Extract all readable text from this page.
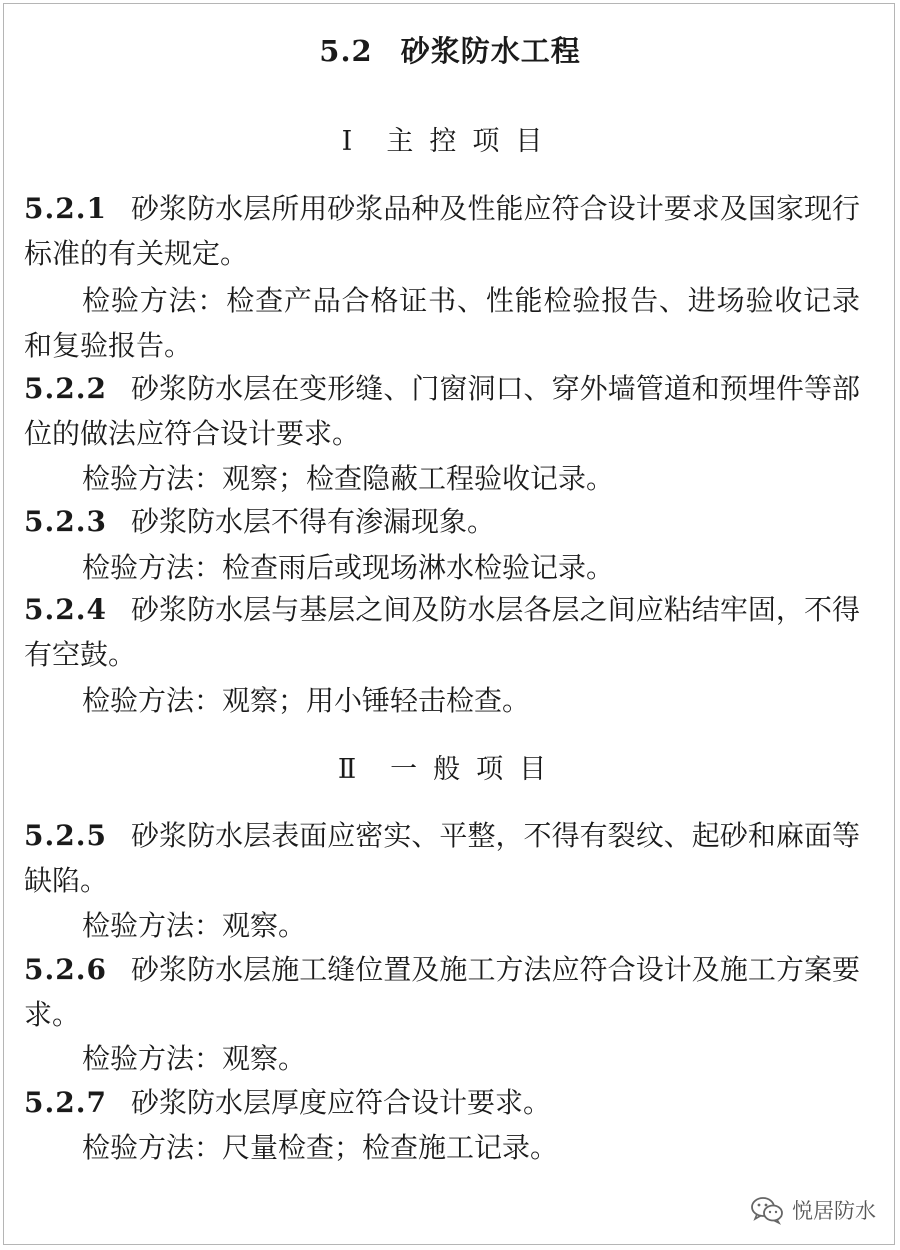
5.2 砂浆防水工程
Ⅰ 主控项目
5.2.1 砂浆防水层所用砂浆品种及性能应符合设计要求及国家现行标准的有关规定。
检验方法：检查产品合格证书、性能检验报告、进场验收记录和复验报告。
5.2.2 砂浆防水层在变形缝、门窗洞口、穿外墙管道和预埋件等部位的做法应符合设计要求。
检验方法：观察；检查隐蔽工程验收记录。
5.2.3 砂浆防水层不得有渗漏现象。
检验方法：检查雨后或现场淋水检验记录。
5.2.4 砂浆防水层与基层之间及防水层各层之间应粘结牢固，不得有空鼓。
检验方法：观察；用小锤轻击检查。
Ⅱ 一般项目
5.2.5 砂浆防水层表面应密实、平整，不得有裂纹、起砂和麻面等缺陷。
检验方法：观察。
5.2.6 砂浆防水层施工缝位置及施工方法应符合设计及施工方案要求。
检验方法：观察。
5.2.7 砂浆防水层厚度应符合设计要求。
检验方法：尺量检查；检查施工记录。
悦居防水
